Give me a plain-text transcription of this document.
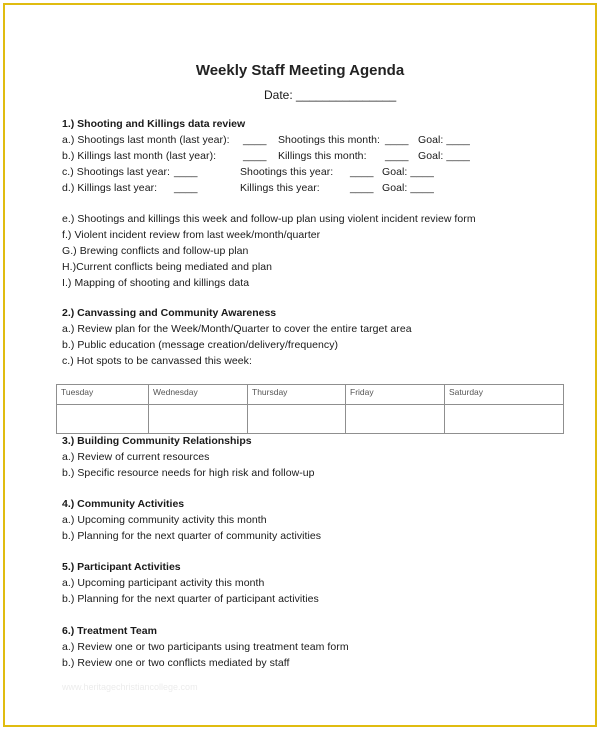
Weekly Staff Meeting Agenda
Date: _______________
1.) Shooting and Killings data review
a.) Shootings last month (last year): ____ Shootings this month: ____ Goal: ____
b.) Killings last month (last year):	____ Killings this month: ____ Goal: ____
c.) Shootings last year: ____	Shootings this year: ____ Goal: ____
d.) Killings last year: ____	Killings this year:	____ Goal: ____
e.) Shootings and killings this week and follow-up plan using violent incident review form
f.) Violent incident review from last week/month/quarter
G.) Brewing conflicts and follow-up plan
H.)Current conflicts being mediated and plan
I.) Mapping of shooting and killings data
2.) Canvassing and Community Awareness
a.) Review plan for the Week/Month/Quarter to cover the entire target area
b.) Public education (message creation/delivery/frequency)
c.) Hot spots to be canvassed this week:
Tuesday	Wednesday	Thursday	Friday	Saturday

3.) Building Community Relationships
a.) Review of current resources
b.) Specific resource needs for high risk and follow-up
4.) Community Activities
a.) Upcoming community activity this month
b.) Planning for the next quarter of community activities
5.) Participant Activities
a.) Upcoming participant activity this month
b.) Planning for the next quarter of participant activities
6.) Treatment Team
a.) Review one or two participants using treatment team form
b.) Review one or two conflicts mediated by staff
www.heritagechristiancollege.com
